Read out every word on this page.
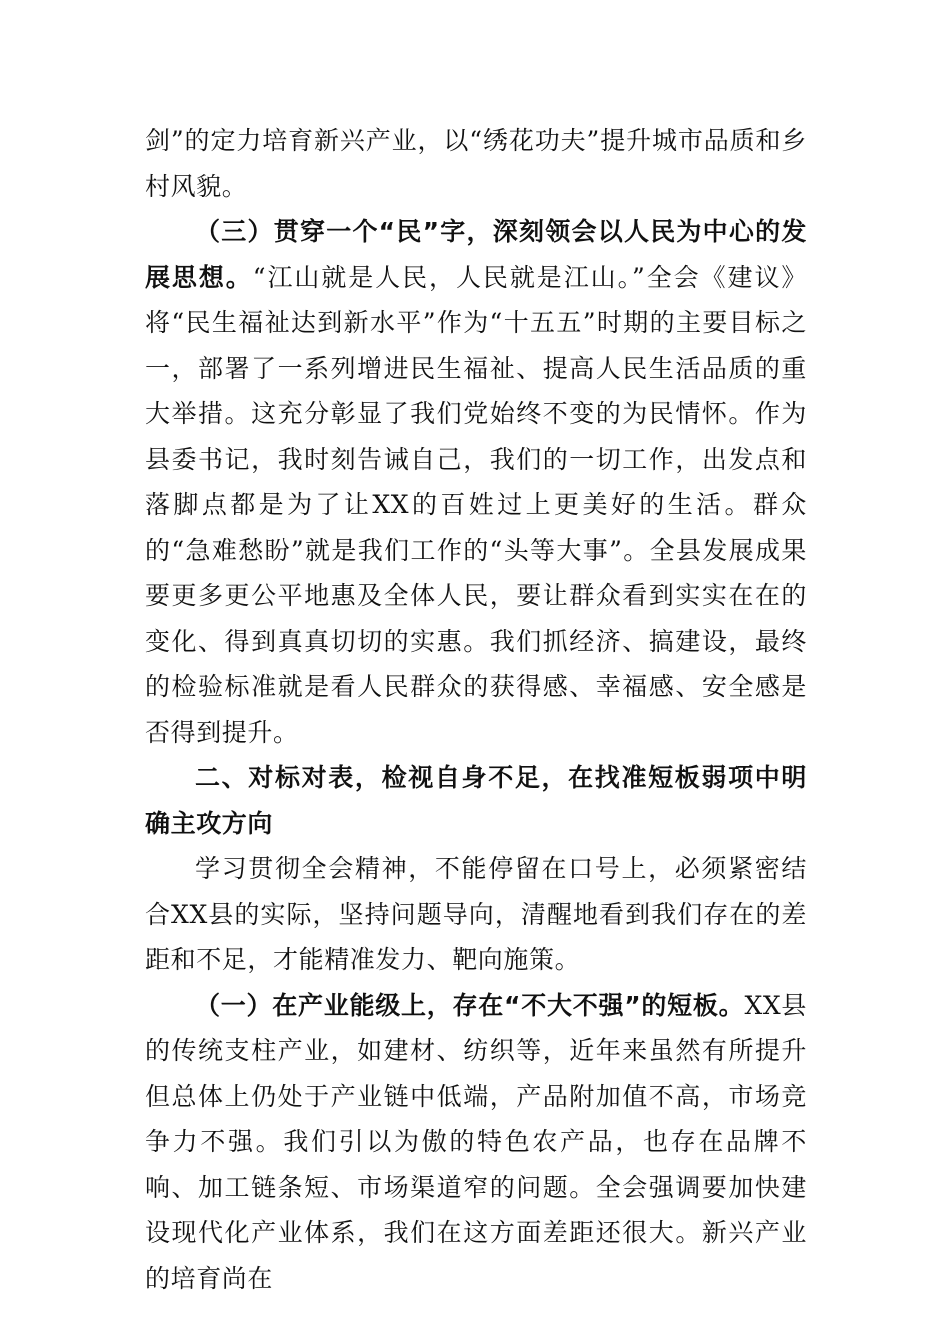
剑”的定力培育新兴产业，以“绣花功夫”提升城市品质和乡村风貌。

（三）贯穿一个“民”字，深刻领会以人民为中心的发展思想。“江山就是人民，人民就是江山。”全会《建议》将“民生福祉达到新水平”作为“十五五”时期的主要目标之一，部署了一系列增进民生福祉、提高人民生活品质的重大举措。这充分彰显了我们党始终不变的为民情怀。作为县委书记，我时刻告诫自己，我们的一切工作，出发点和落脚点都是为了让XX的百姓过上更美好的生活。群众的“急难愁盼”就是我们工作的“头等大事”。全县发展成果要更多更公平地惠及全体人民，要让群众看到实实在在的变化、得到真真切切的实惠。我们抓经济、搞建设，最终的检验标准就是看人民群众的获得感、幸福感、安全感是否得到提升。

二、对标对表，检视自身不足，在找准短板弱项中明确主攻方向

学习贯彻全会精神，不能停留在口号上，必须紧密结合XX县的实际，坚持问题导向，清醒地看到我们存在的差距和不足，才能精准发力、靶向施策。

（一）在产业能级上，存在“不大不强”的短板。XX县的传统支柱产业，如建材、纺织等，近年来虽然有所提升但总体上仍处于产业链中低端，产品附加值不高，市场竞争力不强。我们引以为傲的特色农产品，也存在品牌不响、加工链条短、市场渠道窄的问题。全会强调要加快建设现代化产业体系，我们在这方面差距还很大。新兴产业的培育尚在
